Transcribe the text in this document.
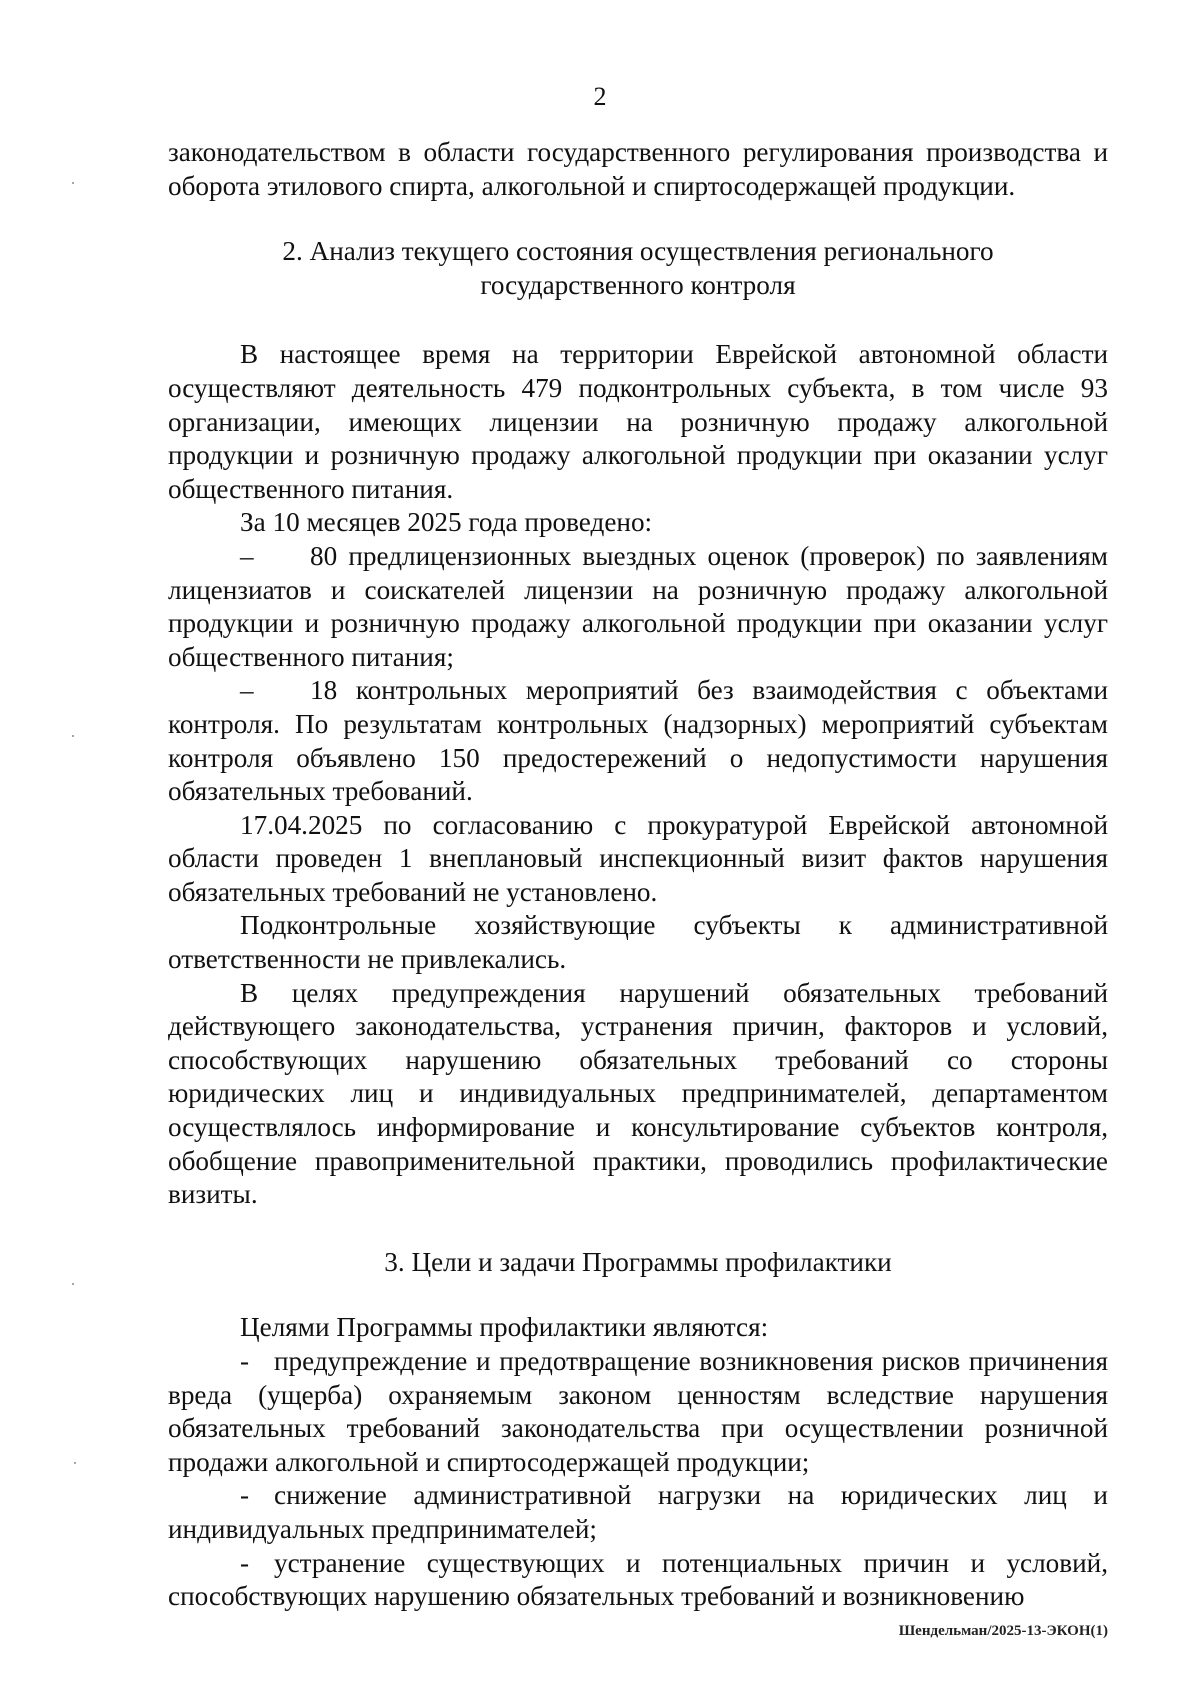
2

законодательством в области государственного регулирования производства и оборота этилового спирта, алкогольной и спиртосодержащей продукции.

2. Анализ текущего состояния осуществления регионального
государственного контроля

В настоящее время на территории Еврейской автономной области осуществляют деятельность 479 подконтрольных субъекта, в том числе 93 организации, имеющих лицензии на розничную продажу алкогольной продукции и розничную продажу алкогольной продукции при оказании услуг общественного питания.

За 10 месяцев 2025 года проведено:

– 80 предлицензионных выездных оценок (проверок) по заявлениям лицензиатов и соискателей лицензии на розничную продажу алкогольной продукции и розничную продажу алкогольной продукции при оказании услуг общественного питания;

– 18 контрольных мероприятий без взаимодействия с объектами контроля. По результатам контрольных (надзорных) мероприятий субъектам контроля объявлено 150 предостережений о недопустимости нарушения обязательных требований.

17.04.2025 по согласованию с прокуратурой Еврейской автономной области проведен 1 внеплановый инспекционный визит фактов нарушения обязательных требований не установлено.

Подконтрольные хозяйствующие субъекты к административной ответственности не привлекались.

В целях предупреждения нарушений обязательных требований действующего законодательства, устранения причин, факторов и условий, способствующих нарушению обязательных требований со стороны юридических лиц и индивидуальных предпринимателей, департаментом осуществлялось информирование и консультирование субъектов контроля, обобщение правоприменительной практики, проводились профилактические визиты.

3. Цели и задачи Программы профилактики

Целями Программы профилактики являются:

- предупреждение и предотвращение возникновения рисков причинения вреда (ущерба) охраняемым законом ценностям вследствие нарушения обязательных требований законодательства при осуществлении розничной продажи алкогольной и спиртосодержащей продукции;

- снижение административной нагрузки на юридических лиц и индивидуальных предпринимателей;

- устранение существующих и потенциальных причин и условий, способствующих нарушению обязательных требований и возникновению

Шендельман/2025-13-ЭКОН(1)
